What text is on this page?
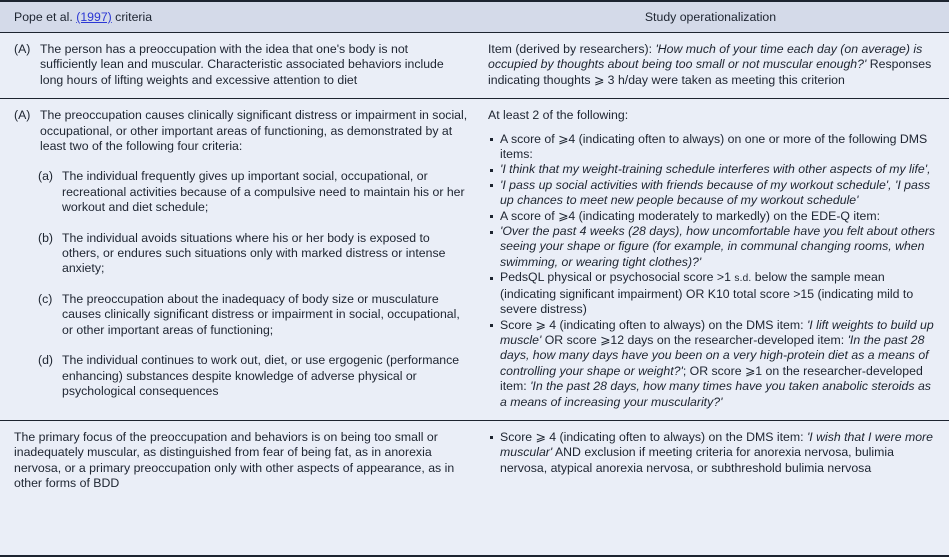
Pope et al. (1997) criteria	Study operationalization
(A) The person has a preoccupation with the idea that one's body is not sufficiently lean and muscular. Characteristic associated behaviors include long hours of lifting weights and excessive attention to diet

Item (derived by researchers): 'How much of your time each day (on average) is occupied by thoughts about being too small or not muscular enough?' Responses indicating thoughts ⩾ 3 h/day were taken as meeting this criterion

(A) The preoccupation causes clinically significant distress or impairment in social, occupational, or other important areas of functioning, as demonstrated by at least two of the following four criteria:
(a) The individual frequently gives up important social, occupational, or recreational activities because of a compulsive need to maintain his or her workout and diet schedule;
(b) The individual avoids situations where his or her body is exposed to others, or endures such situations only with marked distress or intense anxiety;
(c) The preoccupation about the inadequacy of body size or musculature causes clinically significant distress or impairment in social, occupational, or other important areas of functioning;
(d) The individual continues to work out, diet, or use ergogenic (performance enhancing) substances despite knowledge of adverse physical or psychological consequences

At least 2 of the following:

A score of ⩾4 (indicating often to always) on one or more of the following DMS items:
'I think that my weight-training schedule interferes with other aspects of my life',
'I pass up social activities with friends because of my workout schedule', 'I pass up chances to meet new people because of my workout schedule'
A score of ⩾4 (indicating moderately to markedly) on the EDE-Q item:
'Over the past 4 weeks (28 days), how uncomfortable have you felt about others seeing your shape or figure (for example, in communal changing rooms, when swimming, or wearing tight clothes)?'
PedsQL physical or psychosocial score >1 s.d. below the sample mean (indicating significant impairment) OR K10 total score >15 (indicating mild to severe distress)
Score ⩾ 4 (indicating often to always) on the DMS item: 'I lift weights to build up muscle' OR score ⩾12 days on the researcher-developed item: 'In the past 28 days, how many days have you been on a very high-protein diet as a means of controlling your shape or weight?'; OR score ⩾1 on the researcher-developed item: 'In the past 28 days, how many times have you taken anabolic steroids as a means of increasing your muscularity?'

The primary focus of the preoccupation and behaviors is on being too small or inadequately muscular, as distinguished from fear of being fat, as in anorexia nervosa, or a primary preoccupation only with other aspects of appearance, as in other forms of BDD

Score ⩾ 4 (indicating often to always) on the DMS item: 'I wish that I were more muscular' AND exclusion if meeting criteria for anorexia nervosa, bulimia nervosa, atypical anorexia nervosa, or subthreshold bulimia nervosa
